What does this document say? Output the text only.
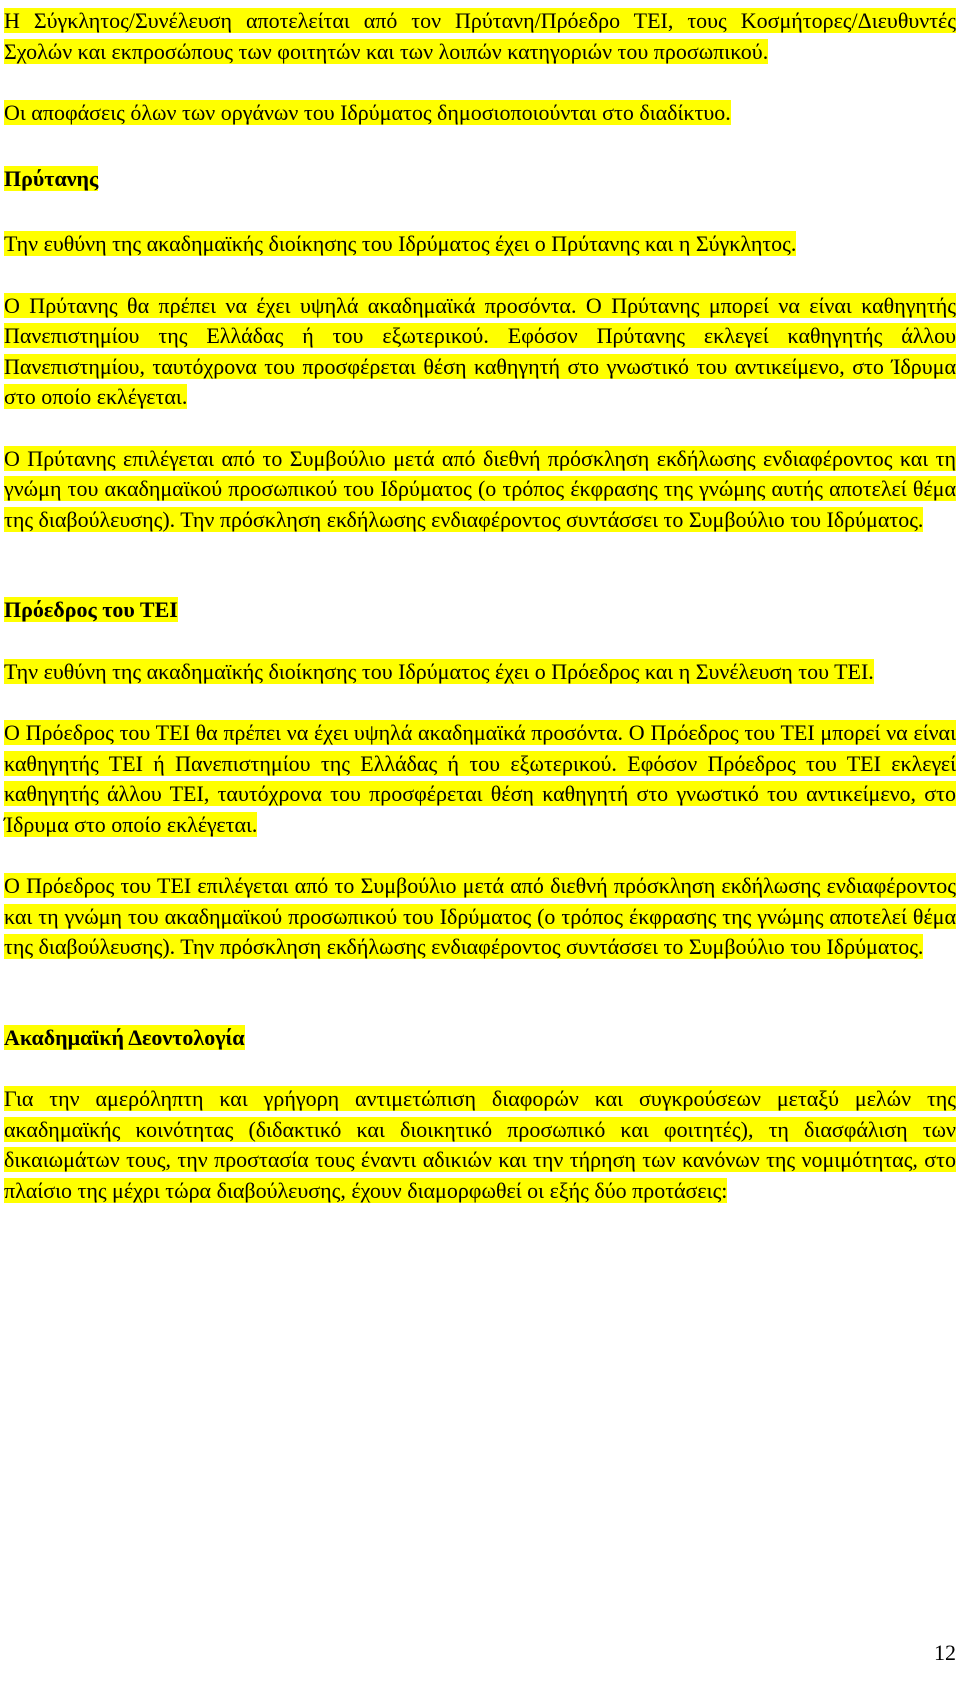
Η Σύγκλητος/Συνέλευση αποτελείται από τον Πρύτανη/Πρόεδρο ΤΕΙ, τους Κοσμήτορες/Διευθυντές Σχολών και εκπροσώπους των φοιτητών και των λοιπών κατηγοριών του προσωπικού.

Οι αποφάσεις όλων των οργάνων του Ιδρύματος δημοσιοποιούνται στο διαδίκτυο.

Πρύτανης

Την ευθύνη της ακαδημαϊκής διοίκησης του Ιδρύματος έχει ο Πρύτανης και η Σύγκλητος.

Ο Πρύτανης θα πρέπει να έχει υψηλά ακαδημαϊκά προσόντα. Ο Πρύτανης μπορεί να είναι καθηγητής Πανεπιστημίου της Ελλάδας ή του εξωτερικού. Εφόσον Πρύτανης εκλεγεί καθηγητής άλλου Πανεπιστημίου, ταυτόχρονα του προσφέρεται θέση καθηγητή στο γνωστικό του αντικείμενο, στο Ίδρυμα στο οποίο εκλέγεται.

Ο Πρύτανης επιλέγεται από το Συμβούλιο μετά από διεθνή πρόσκληση εκδήλωσης ενδιαφέροντος και τη γνώμη του ακαδημαϊκού προσωπικού του Ιδρύματος (ο τρόπος έκφρασης της γνώμης αυτής αποτελεί θέμα της διαβούλευσης). Την πρόσκληση εκδήλωσης ενδιαφέροντος συντάσσει το Συμβούλιο του Ιδρύματος.

Πρόεδρος του ΤΕΙ

Την ευθύνη της ακαδημαϊκής διοίκησης του Ιδρύματος έχει ο Πρόεδρος και η Συνέλευση του ΤΕΙ.

Ο Πρόεδρος του ΤΕΙ θα πρέπει να έχει υψηλά ακαδημαϊκά προσόντα. Ο Πρόεδρος του ΤΕΙ μπορεί να είναι καθηγητής ΤΕΙ ή Πανεπιστημίου της Ελλάδας ή του εξωτερικού. Εφόσον Πρόεδρος του ΤΕΙ εκλεγεί καθηγητής άλλου ΤΕΙ, ταυτόχρονα του προσφέρεται θέση καθηγητή στο γνωστικό του αντικείμενο, στο Ίδρυμα στο οποίο εκλέγεται.

Ο Πρόεδρος του ΤΕΙ επιλέγεται από το Συμβούλιο μετά από διεθνή πρόσκληση εκδήλωσης ενδιαφέροντος και τη γνώμη του ακαδημαϊκού προσωπικού του Ιδρύματος (ο τρόπος έκφρασης της γνώμης αποτελεί θέμα της διαβούλευσης). Την πρόσκληση εκδήλωσης ενδιαφέροντος συντάσσει το Συμβούλιο του Ιδρύματος.

Ακαδημαϊκή Δεοντολογία

Για την αμερόληπτη και γρήγορη αντιμετώπιση διαφορών και συγκρούσεων μεταξύ μελών της ακαδημαϊκής κοινότητας (διδακτικό και διοικητικό προσωπικό και φοιτητές), τη διασφάλιση των δικαιωμάτων τους, την προστασία τους έναντι αδικιών και την τήρηση των κανόνων της νομιμότητας, στο πλαίσιο της μέχρι τώρα διαβούλευσης, έχουν διαμορφωθεί οι εξής δύο προτάσεις:

12
